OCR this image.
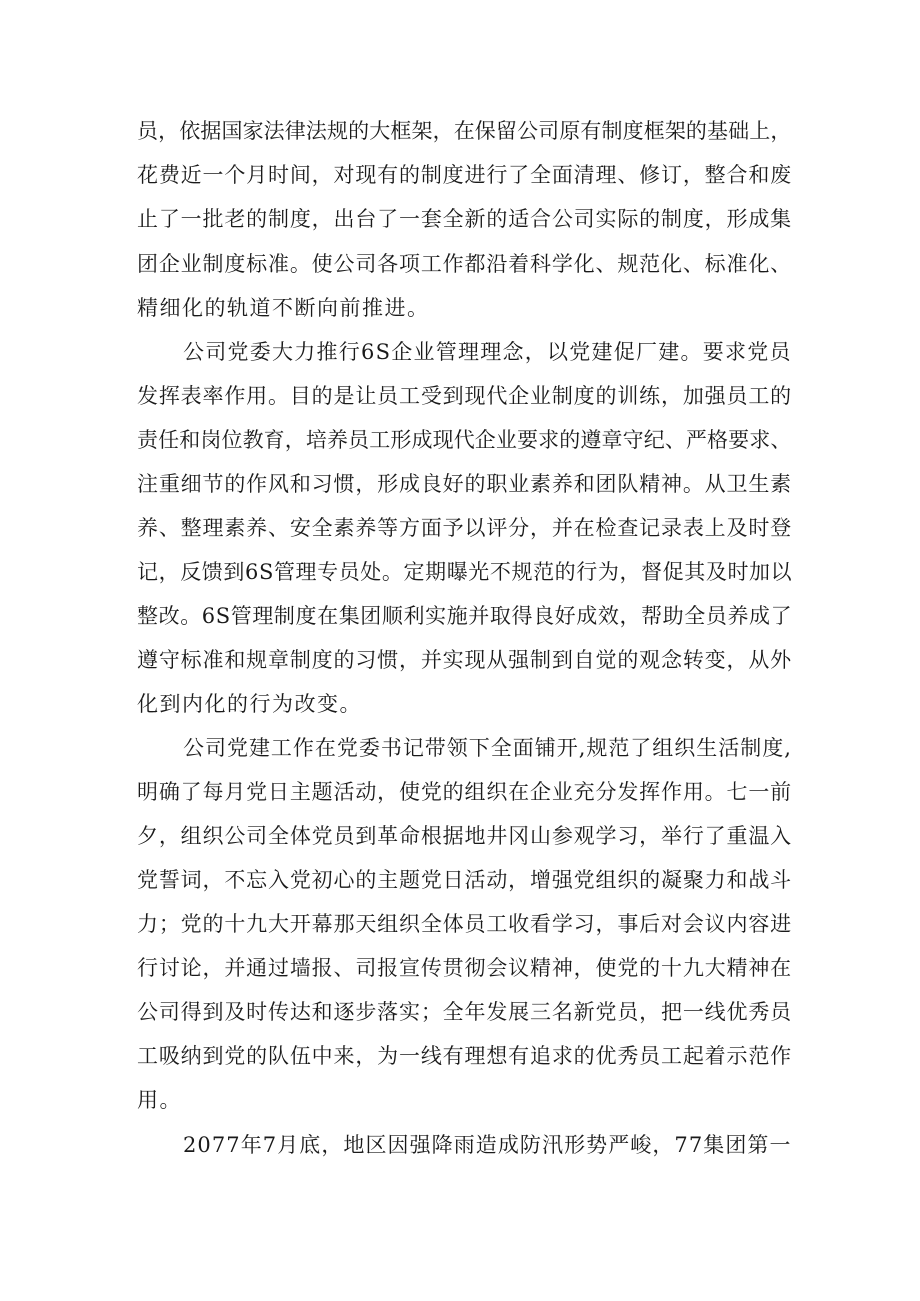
员，依据国家法律法规的大框架，在保留公司原有制度框架的基础上，
花费近一个月时间，对现有的制度进行了全面清理、修订，整合和废
止了一批老的制度，出台了一套全新的适合公司实际的制度，形成集
团企业制度标准。使公司各项工作都沿着科学化、规范化、标准化、
精细化的轨道不断向前推进。
公司党委大力推行6S企业管理理念，以党建促厂建。要求党员
发挥表率作用。目的是让员工受到现代企业制度的训练，加强员工的
责任和岗位教育，培养员工形成现代企业要求的遵章守纪、严格要求、
注重细节的作风和习惯，形成良好的职业素养和团队精神。从卫生素
养、整理素养、安全素养等方面予以评分，并在检查记录表上及时登
记，反馈到6S管理专员处。定期曝光不规范的行为，督促其及时加以
整改。6S管理制度在集团顺利实施并取得良好成效，帮助全员养成了
遵守标准和规章制度的习惯，并实现从强制到自觉的观念转变，从外
化到内化的行为改变。
公司党建工作在党委书记带领下全面铺开,规范了组织生活制度,
明确了每月党日主题活动，使党的组织在企业充分发挥作用。七一前
夕，组织公司全体党员到革命根据地井冈山参观学习，举行了重温入
党誓词，不忘入党初心的主题党日活动，增强党组织的凝聚力和战斗
力；党的十九大开幕那天组织全体员工收看学习，事后对会议内容进
行讨论，并通过墙报、司报宣传贯彻会议精神，使党的十九大精神在
公司得到及时传达和逐步落实；全年发展三名新党员，把一线优秀员
工吸纳到党的队伍中来，为一线有理想有追求的优秀员工起着示范作
用。
2077年7月底，地区因强降雨造成防汛形势严峻，77集团第一
